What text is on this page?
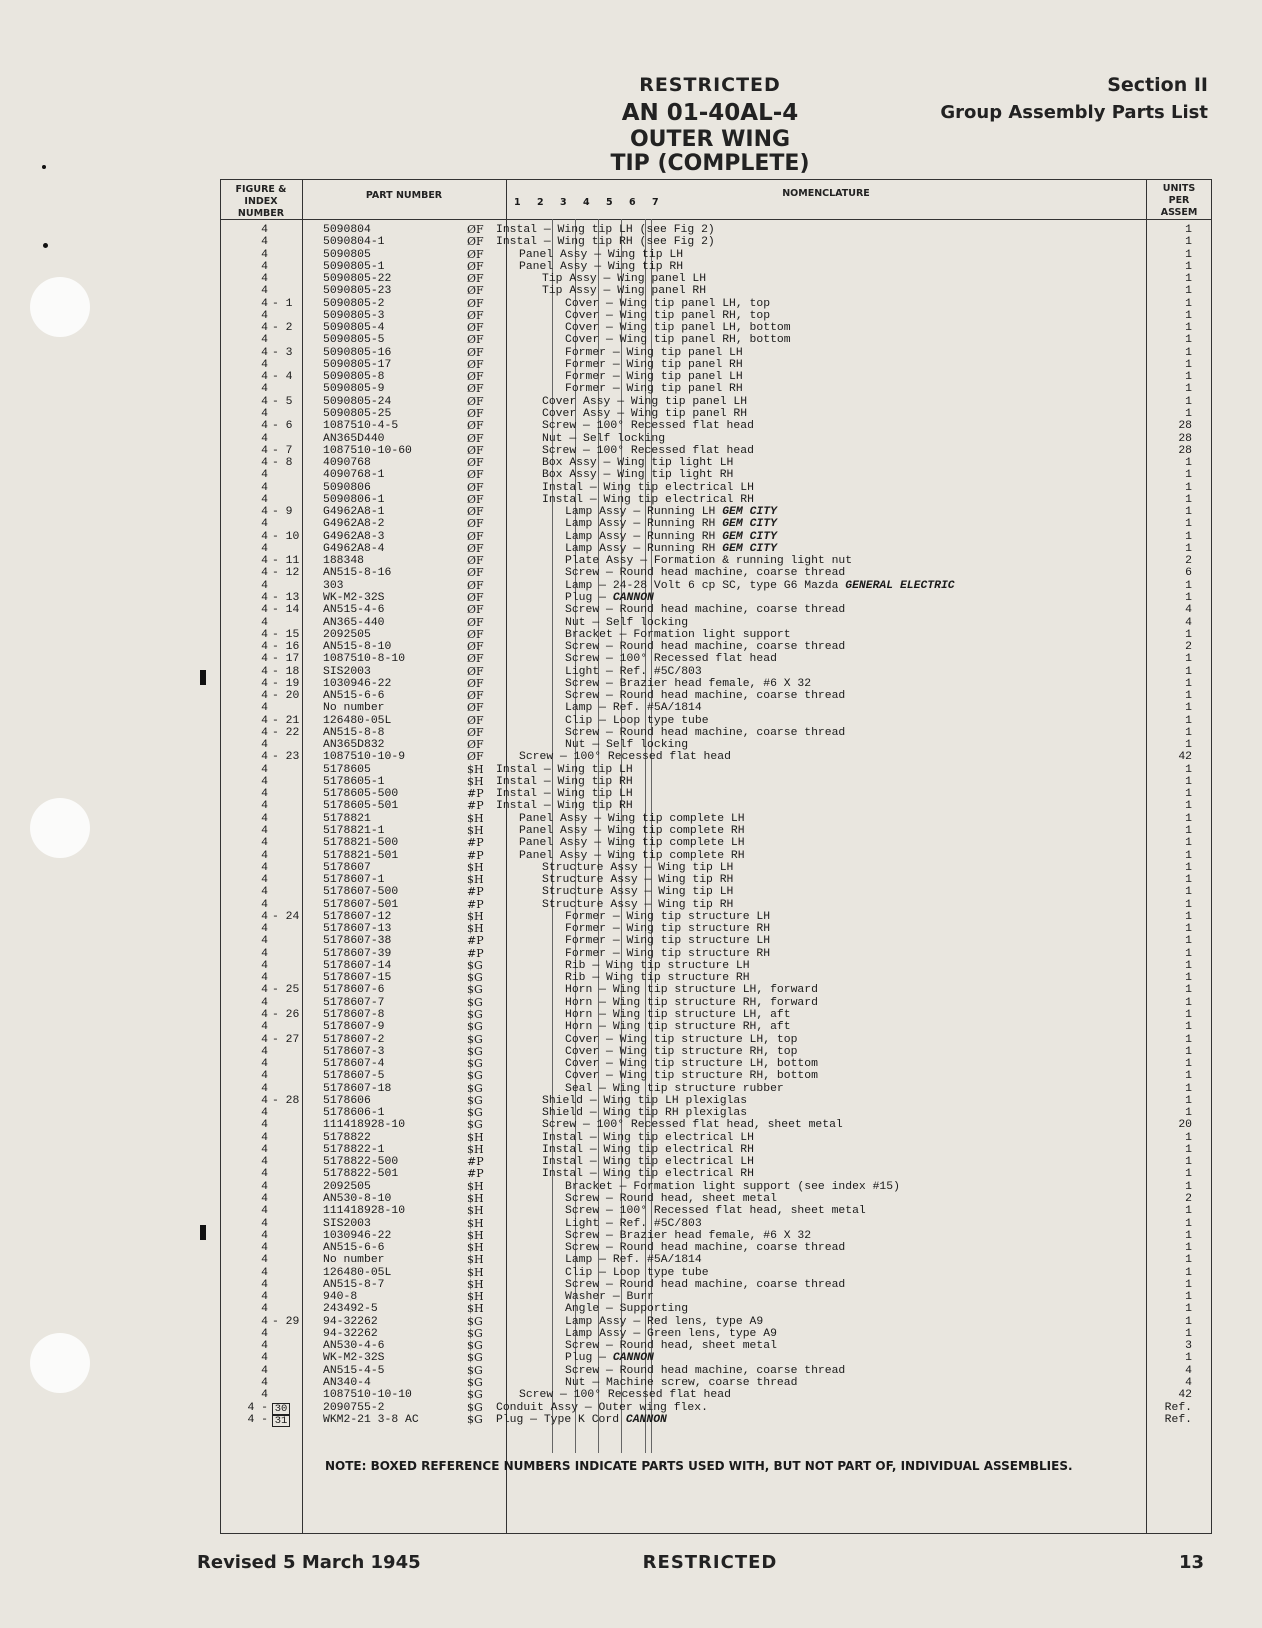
RESTRICTED	Section II
AN 01-40AL-4	Group Assembly Parts List
OUTER WING
TIP (COMPLETE)
FIGURE & INDEX NUMBER
PART NUMBER	NOMENCLATURE	UNITS PER ASSEM
1 2 3 4 5 6 7
4	5090804	ØF Instal — Wing tip LH (see Fig 2)	1
4	5090804-1	ØF Instal — Wing tip RH (see Fig 2)	1
4	5090805	ØF	Panel Assy — Wing tip LH	1
4	5090805-1	ØF	Panel Assy — Wing tip RH	1
4	5090805-22	ØF	Tip Assy — Wing panel LH	1
4	5090805-23	ØF	Tip Assy — Wing panel RH	1
4 - 1	5090805-2	ØF	Cover — Wing tip panel LH, top	1
4	5090805-3	ØF	Cover — Wing tip panel RH, top	1
4 - 2	5090805-4	ØF	Cover — Wing tip panel LH, bottom	1
4	5090805-5	ØF	Cover — Wing tip panel RH, bottom	1
4 - 3	5090805-16	ØF	Former — Wing tip panel LH	1
4	5090805-17	ØF	Former — Wing tip panel RH	1
4 - 4	5090805-8	ØF	Former — Wing tip panel LH	1
4	5090805-9	ØF	Former — Wing tip panel RH	1
4 - 5	5090805-24	ØF	Cover Assy — Wing tip panel LH	1
4	5090805-25	ØF	Cover Assy — Wing tip panel RH	1
4 - 6	1087510-4-5	ØF	Screw — 100° Recessed flat head	28
4	AN365D440	ØF	Nut — Self locking	28
4 - 7	1087510-10-60	ØF	Screw — 100° Recessed flat head	28
4 - 8	4090768	ØF	Box Assy — Wing tip light LH	1
4	4090768-1	ØF	Box Assy — Wing tip light RH	1
4	5090806	ØF	Instal — Wing tip electrical LH	1
4	5090806-1	ØF	Instal — Wing tip electrical RH	1
4 - 9	G4962A8-1	ØF	Lamp Assy — Running LH GEM CITY	1
4	G4962A8-2	ØF	Lamp Assy — Running RH GEM CITY	1
4 - 10	G4962A8-3	ØF	Lamp Assy — Running RH GEM CITY	1
4	G4962A8-4	ØF	Lamp Assy — Running RH GEM CITY	1
4 - 11	188348	ØF	Plate Assy — Formation & running light nut	2
4 - 12	AN515-8-16	ØF	Screw — Round head machine, coarse thread	6
4	303	ØF	Lamp — 24-28 Volt 6 cp SC, type G6 Mazda GENERAL ELECTRIC	1
4 - 13	WK-M2-32S	ØF	Plug — CANNON	1
4 - 14	AN515-4-6	ØF	Screw — Round head machine, coarse thread	4
4	AN365-440	ØF	Nut — Self locking	4
4 - 15	2092505	ØF	Bracket — Formation light support	1
4 - 16	AN515-8-10	ØF	Screw — Round head machine, coarse thread	2
4 - 17	1087510-8-10	ØF	Screw — 100° Recessed flat head	1
4 - 18	SIS2003	ØF	Light — Ref. #5C/803	1
4 - 19	1030946-22	ØF	Screw — Brazier head female, #6 X 32	1
4 - 20	AN515-6-6	ØF	Screw — Round head machine, coarse thread	1
4	No number	ØF	Lamp — Ref. #5A/1814	1
4 - 21	126480-05L	ØF	Clip — Loop type tube	1
4 - 22	AN515-8-8	ØF	Screw — Round head machine, coarse thread	1
4	AN365D832	ØF	Nut — Self locking	1
4 - 23	1087510-10-9	ØF	Screw — 100° Recessed flat head	42
4	5178605	$H Instal — Wing tip LH	1
4	5178605-1	$H Instal — Wing tip RH	1
4	5178605-500	#P Instal — Wing tip LH	1
4	5178605-501	#P Instal — Wing tip RH	1
4	5178821	$H	Panel Assy — Wing tip complete LH	1
4	5178821-1	$H	Panel Assy — Wing tip complete RH	1
4	5178821-500	#P	Panel Assy — Wing tip complete LH	1
4	5178821-501	#P	Panel Assy — Wing tip complete RH	1
4	5178607	$H	Structure Assy — Wing tip LH	1
4	5178607-1	$H	Structure Assy — Wing tip RH	1
4	5178607-500	#P	Structure Assy — Wing tip LH	1
4	5178607-501	#P	Structure Assy — Wing tip RH	1
4 - 24	5178607-12	$H	Former — Wing tip structure LH	1
4	5178607-13	$H	Former — Wing tip structure RH	1
4	5178607-38	#P	Former — Wing tip structure LH	1
4	5178607-39	#P	Former — Wing tip structure RH	1
4	5178607-14	$G	Rib — Wing tip structure LH	1
4	5178607-15	$G	Rib — Wing tip structure RH	1
4 - 25	5178607-6	$G	Horn — Wing tip structure LH, forward	1
4	5178607-7	$G	Horn — Wing tip structure RH, forward	1
4 - 26	5178607-8	$G	Horn — Wing tip structure LH, aft	1
4	5178607-9	$G	Horn — Wing tip structure RH, aft	1
4 - 27	5178607-2	$G	Cover — Wing tip structure LH, top	1
4	5178607-3	$G	Cover — Wing tip structure RH, top	1
4	5178607-4	$G	Cover — Wing tip structure LH, bottom	1
4	5178607-5	$G	Cover — Wing tip structure RH, bottom	1
4	5178607-18	$G	Seal — Wing tip structure rubber	1
4 - 28	5178606	$G	Shield — Wing tip LH plexiglas	1
4	5178606-1	$G	Shield — Wing tip RH plexiglas	1
4	111418928-10	$G	Screw — 100° Recessed flat head, sheet metal	20
4	5178822	$H	Instal — Wing tip electrical LH	1
4	5178822-1	$H	Instal — Wing tip electrical RH	1
4	5178822-500	#P	Instal — Wing tip electrical LH	1
4	5178822-501	#P	Instal — Wing tip electrical RH	1
4	2092505	$H	Bracket — Formation light support (see index #15)	1
4	AN530-8-10	$H	Screw — Round head, sheet metal	2
4	111418928-10	$H	Screw — 100° Recessed flat head, sheet metal	1
4	SIS2003	$H	Light — Ref. #5C/803	1
4	1030946-22	$H	Screw — Brazier head female, #6 X 32	1
4	AN515-6-6	$H	Screw — Round head machine, coarse thread	1
4	No number	$H	Lamp — Ref. #5A/1814	1
4	126480-05L	$H	Clip — Loop type tube	1
4	AN515-8-7	$H	Screw — Round head machine, coarse thread	1
4	940-8	$H	Washer — Burr	1
4	243492-5	$H	Angle — Supporting	1
4 - 29	94-32262	$G	Lamp Assy — Red lens, type A9	1
4	94-32262	$G	Lamp Assy — Green lens, type A9	1
4	AN530-4-6	$G	Screw — Round head, sheet metal	3
4	WK-M2-32S	$G	Plug — CANNON	1
4	AN515-4-5	$G	Screw — Round head machine, coarse thread	4
4	AN340-4	$G	Nut — Machine screw, coarse thread	4
4	1087510-10-10	$G	Screw — 100° Recessed flat head	42
4 - 30	2090755-2	$G Conduit Assy — Outer wing flex.	Ref.
4 - 31	WKM2-21 3-8 AC	$G Plug — Type K Cord CANNON	Ref.
NOTE: BOXED REFERENCE NUMBERS INDICATE PARTS USED WITH, BUT NOT PART OF, INDIVIDUAL ASSEMBLIES.
Revised 5 March 1945	RESTRICTED	13
